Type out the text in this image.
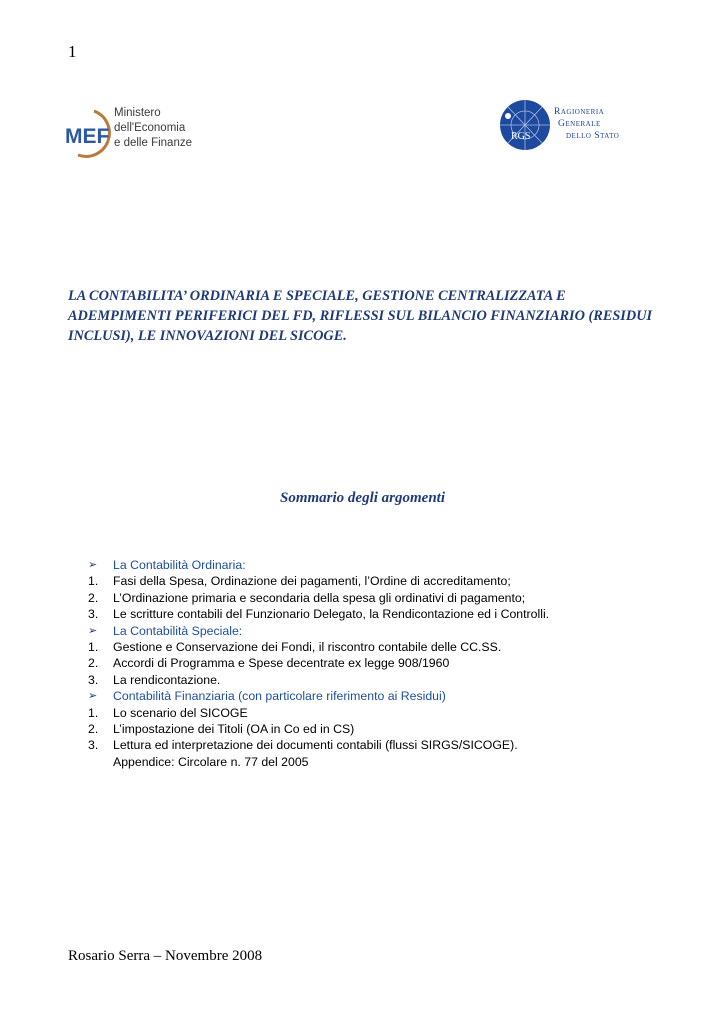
1
MEF
Ministero
dell'Economia
e delle Finanze
RGS
Ragioneria
Generale
dello Stato

LA CONTABILITA’ ORDINARIA E SPECIALE, GESTIONE CENTRALIZZATA E ADEMPIMENTI PERIFERICI DEL FD, RIFLESSI SUL BILANCIO FINANZIARIO (RESIDUI INCLUSI), LE INNOVAZIONI DEL SICOGE.

Sommario degli argomenti
➢ La Contabilità Ordinaria:
1. Fasi della Spesa, Ordinazione dei pagamenti, l’Ordine di accreditamento;
2. L’Ordinazione primaria e secondaria della spesa gli ordinativi di pagamento;
3. Le scritture contabili del Funzionario Delegato, la Rendicontazione ed i Controlli.
➢ La Contabilità Speciale:
1. Gestione e Conservazione dei Fondi, il riscontro contabile delle CC.SS.
2. Accordi di Programma e Spese decentrate ex legge 908/1960
3. La rendicontazione.
➢ Contabilità Finanziaria (con particolare riferimento ai Residui)
1. Lo scenario del SICOGE
2. L’impostazione dei Titoli (OA in Co ed in CS)
3. Lettura ed interpretazione dei documenti contabili (flussi SIRGS/SICOGE).
Appendice: Circolare n. 77 del 2005
Rosario Serra – Novembre 2008
